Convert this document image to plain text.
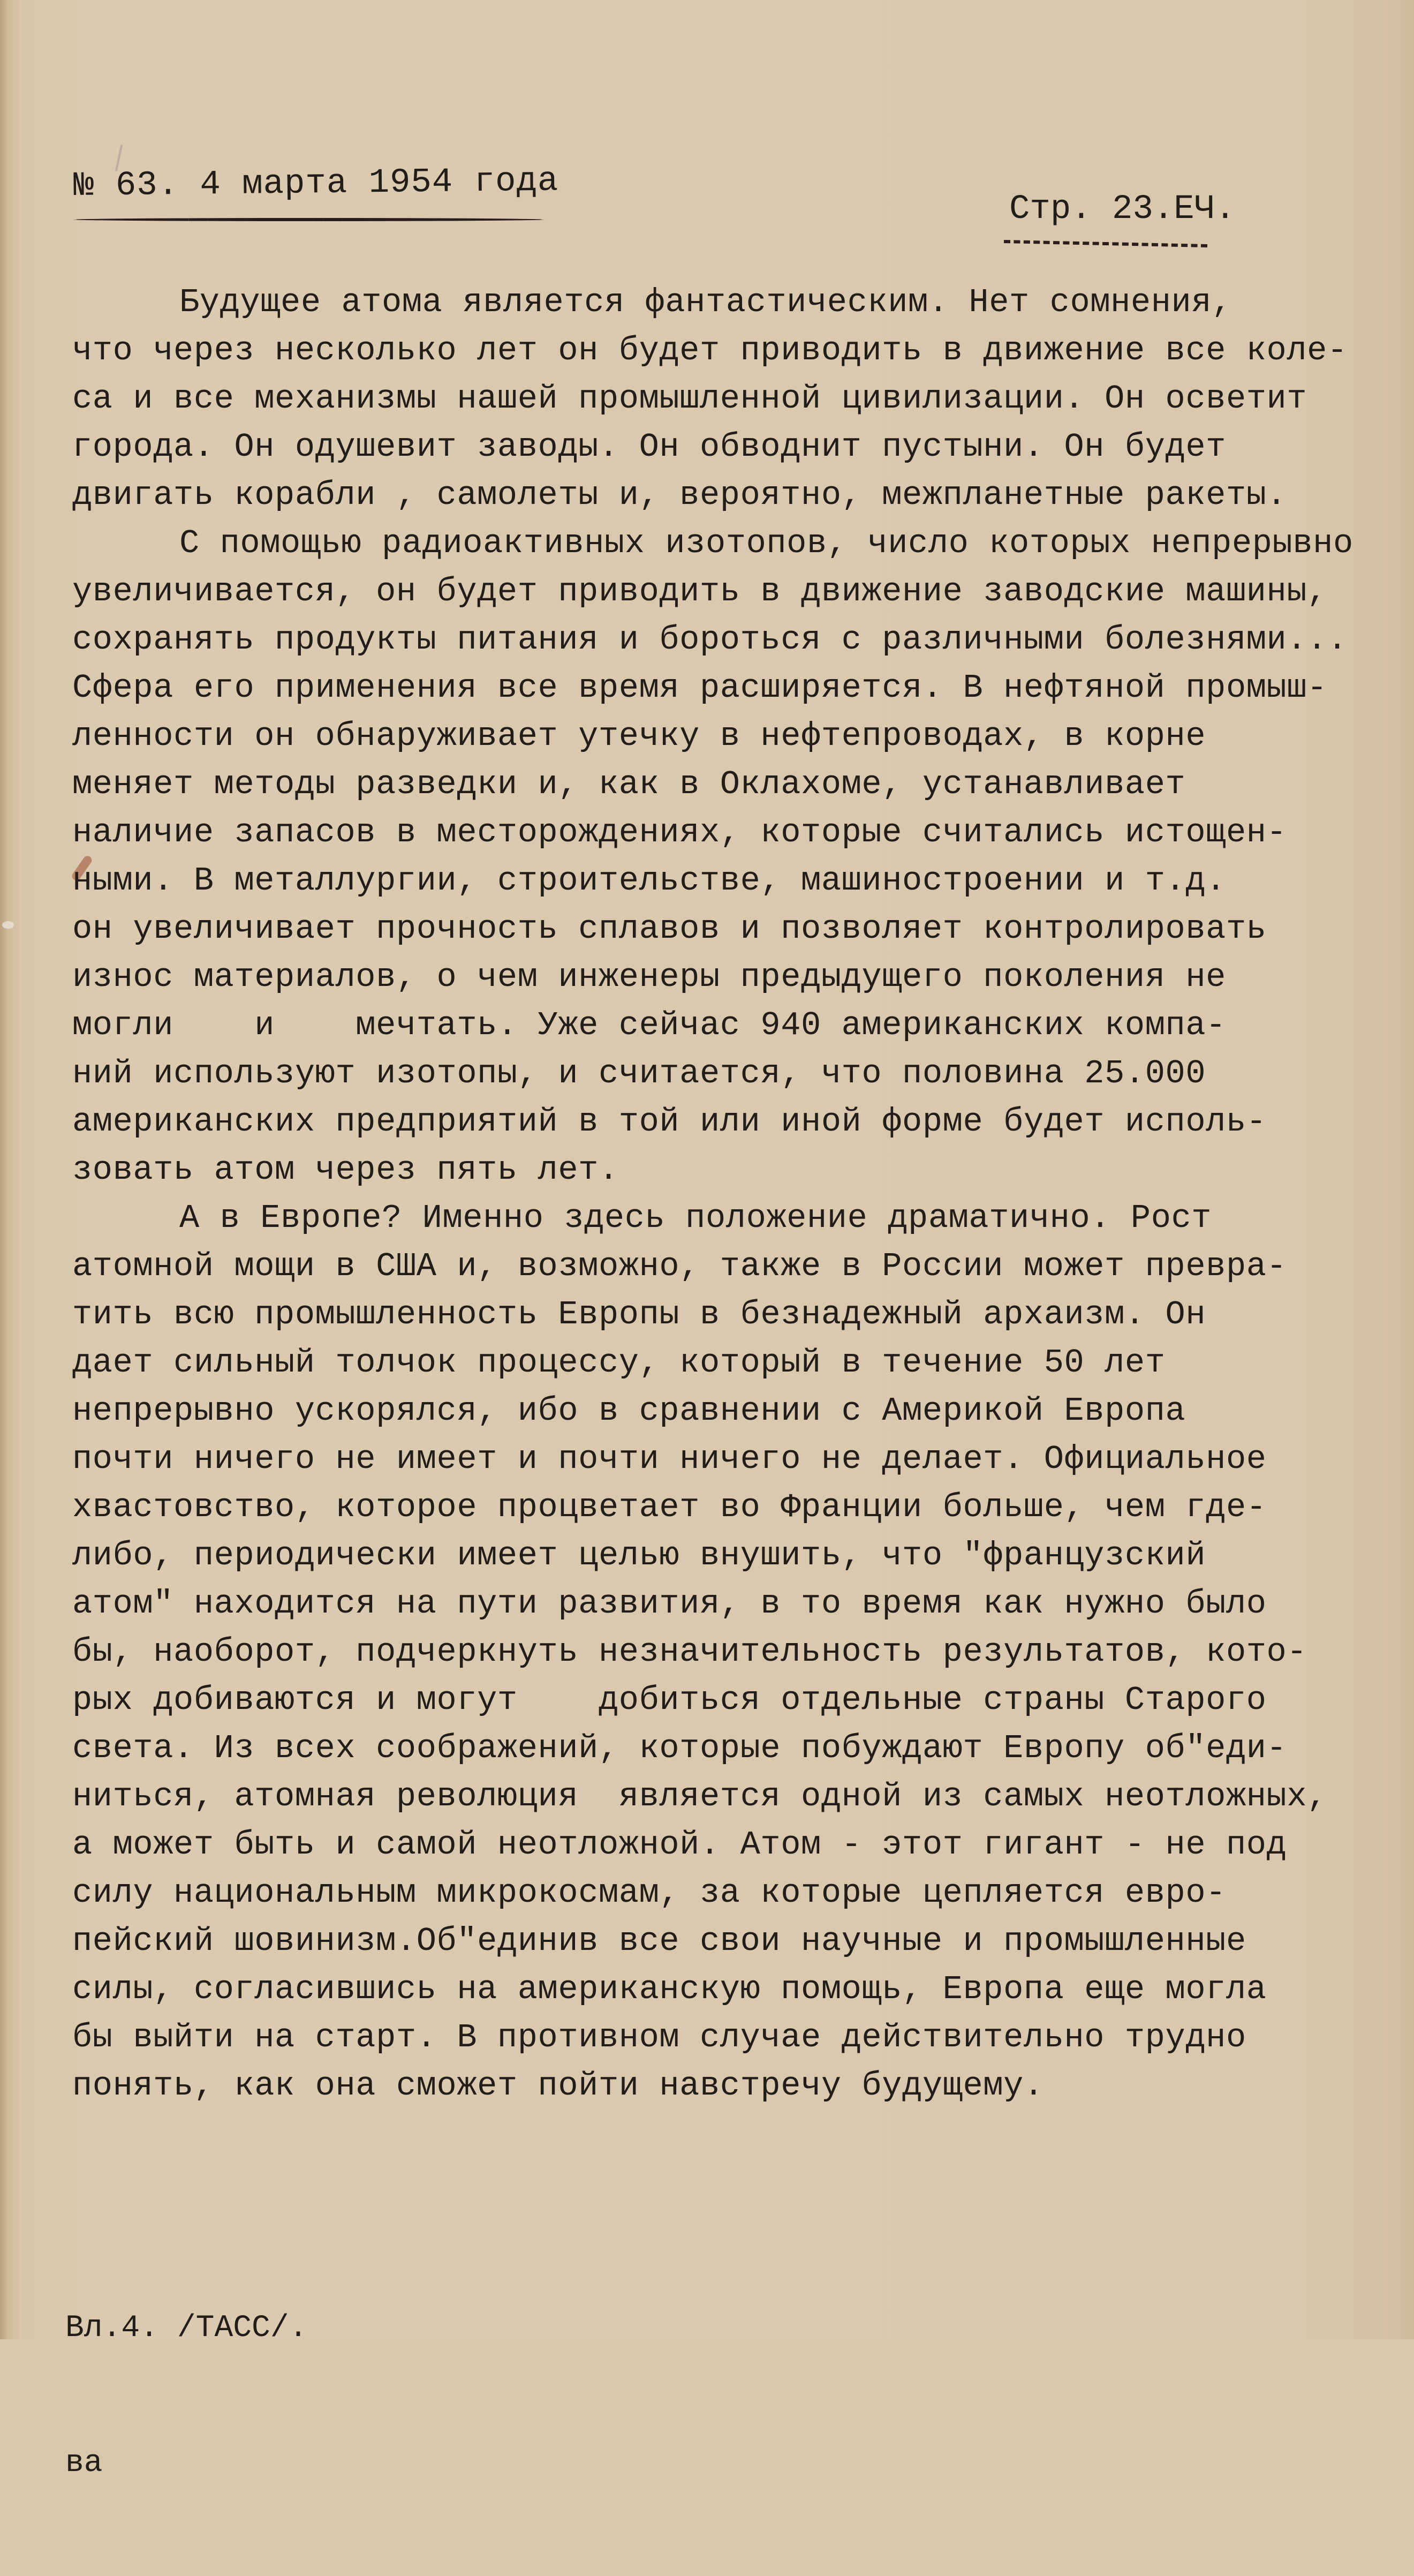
№ 63. 4 марта 1954 года
Стр. 23.ЕЧ.
Будущее атома является фантастическим. Нет сомнения,
что через несколько лет он будет приводить в движение все коле-
са и все механизмы нашей промышленной цивилизации. Он осветит
города. Он одушевит заводы. Он обводнит пустыни. Он будет
двигать корабли , самолеты и, вероятно, межпланетные ракеты.
С помощью радиоактивных изотопов, число которых непрерывно
увеличивается, он будет приводить в движение заводские машины,
сохранять продукты питания и бороться с различными болезнями...
Сфера его применения все время расширяется. В нефтяной промыш-
ленности он обнаруживает утечку в нефтепроводах, в корне
меняет методы разведки и, как в Оклахоме, устанавливает
наличие запасов в месторождениях, которые считались истощен-
ными. В металлургии, строительстве, машиностроении и т.д.
он увеличивает прочность сплавов и позволяет контролировать
износ материалов, о чем инженеры предыдущего поколения не
могли    и    мечтать. Уже сейчас 940 американских компа-
ний используют изотопы, и считается, что половина 25.000
американских предприятий в той или иной форме будет исполь-
зовать атом через пять лет.
А в Европе? Именно здесь положение драматично. Рост
атомной мощи в США и, возможно, также в России может превра-
тить всю промышленность Европы в безнадежный архаизм. Он
дает сильный толчок процессу, который в течение 50 лет
непрерывно ускорялся, ибо в сравнении с Америкой Европа
почти ничего не имеет и почти ничего не делает. Официальное
хвастовство, которое процветает во Франции больше, чем где-
либо, периодически имеет целью внушить, что "французский
атом" находится на пути развития, в то время как нужно было
бы, наоборот, подчеркнуть незначительность результатов, кото-
рых добиваются и могут    добиться отдельные страны Старого
света. Из всех соображений, которые побуждают Европу об"еди-
ниться, атомная революция  является одной из самых неотложных,
а может быть и самой неотложной. Атом - этот гигант - не под
силу национальным микрокосмам, за которые цепляется евро-
пейский шовинизм.Об"единив все свои научные и промышленные
силы, согласившись на американскую помощь, Европа еще могла
бы выйти на старт. В противном случае действительно трудно
понять, как она сможет пойти навстречу будущему.

Вл.4. /ТАСС/.

ва
